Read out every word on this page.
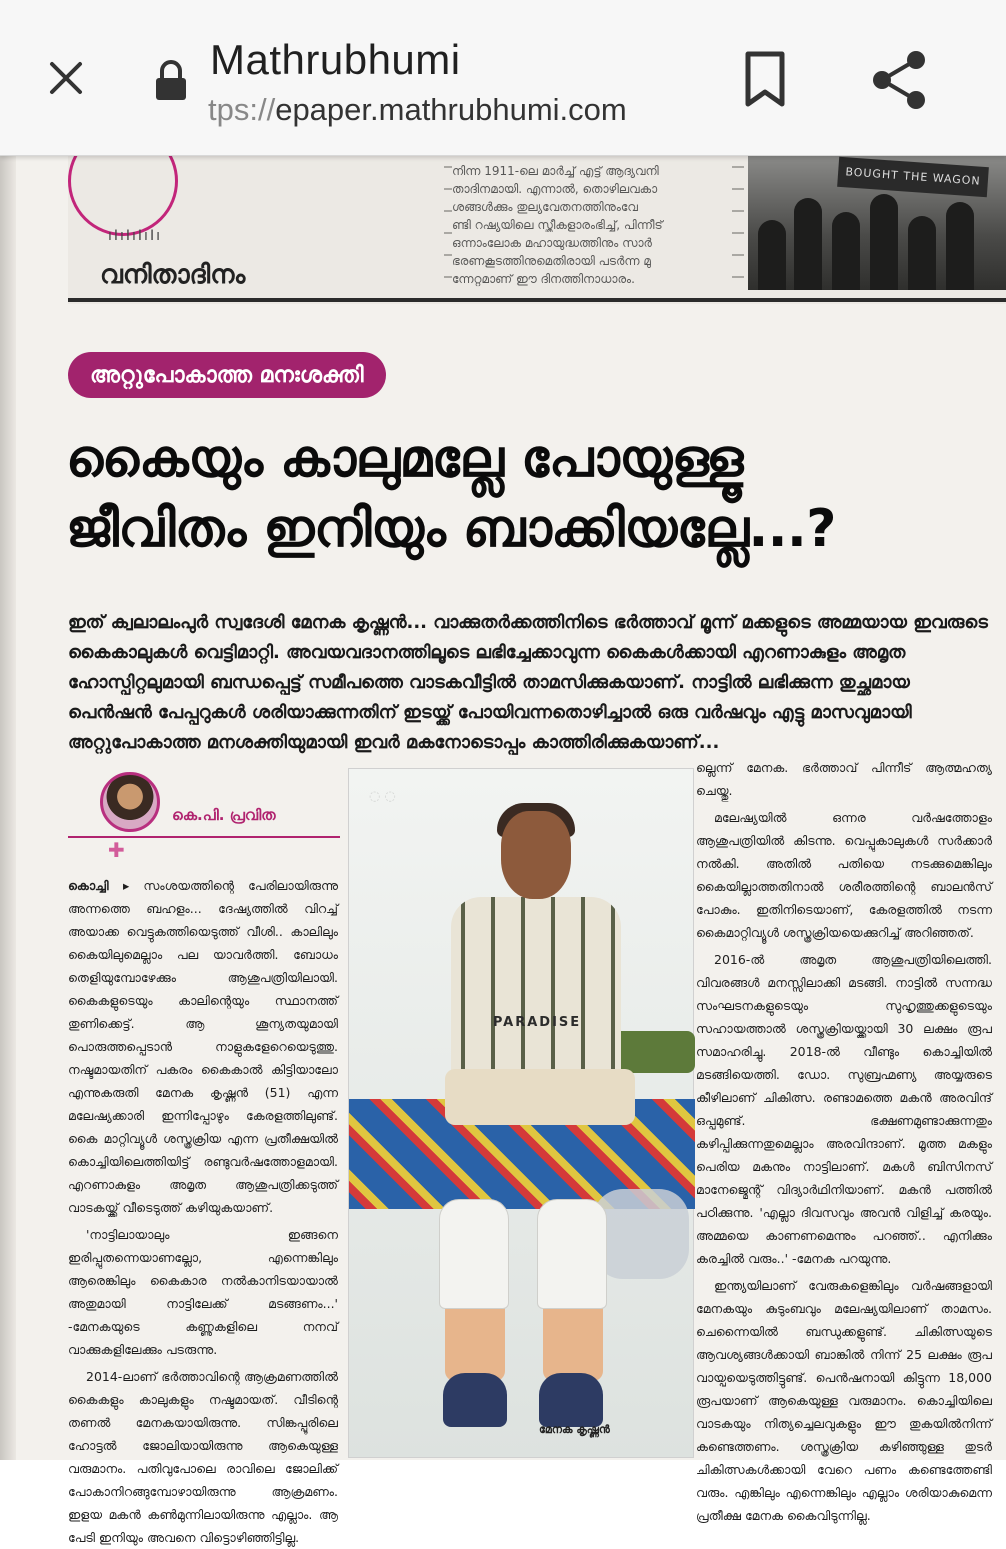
Mathrubhumi
tps://epaper.mathrubhumi.com
ıIıIıIıIı
വനിതാദിനം
നിന്ന 1911-ലെ മാർച്ച് എട്ട് ആദ്യവനി
താദിനമായി. എന്നാൽ, തൊഴിലവകാ
ശങ്ങൾക്കും തുല്യവേതനത്തിനുംവേ
ണ്ടി റഷ്യയിലെ സ്ത്രീകളാരംഭിച്ച്, പിന്നീട്
ഒന്നാംലോക മഹായുദ്ധത്തിനും സാർ
ഭരണകൂടത്തിനുമെതിരായി പടർന്ന മു
ന്നേറ്റമാണ് ഈ ദിനത്തിനാധാരം.
BOUGHT THE WAGON
അറ്റുപോകാത്ത മനഃശക്തി
കൈയും കാലുമല്ലേ പോയുള്ളൂ
ജീവിതം ഇനിയും ബാക്കിയല്ലേ...?
ഇത് ക്വലാലംപുർ സ്വദേശി മേനക കൃഷ്ണൻ... വാക്കുതർക്കത്തിനിടെ ഭർത്താവ് മൂന്ന് മക്കളുടെ അമ്മയായ ഇവരുടെ കൈകാലുകൾ വെട്ടിമാറ്റി. അവയവദാനത്തിലൂടെ ലഭിച്ചേക്കാവുന്ന കൈകൾക്കായി എറണാകുളം അമൃത ഹോസ്പിറ്റലുമായി ബന്ധപ്പെട്ട് സമീപത്തെ വാടകവീട്ടിൽ താമസിക്കുകയാണ്. നാട്ടിൽ ലഭിക്കുന്ന തുച്ഛമായ പെൻഷൻ പേപ്പറുകൾ ശരിയാക്കുന്നതിന് ഇടയ്ക്ക് പോയിവന്നതൊഴിച്ചാൽ ഒരു വർഷവും എട്ടു മാസവുമായി അറ്റുപോകാത്ത മനശക്തിയുമായി ഇവർ മകനോടൊപ്പം കാത്തിരിക്കുകയാണ്...
കെ.പി. പ്രവിത
✚

കൊച്ചി ▸ സംശയത്തിന്റെ പേരിലായിരുന്നു അന്നത്തെ ബഹളം... ദേഷ്യത്തിൽ വിറച്ച് അയാക്ക വെട്ടുകത്തിയെടുത്ത് വീശി.. കാലിലും കൈയിലുമെല്ലാം പല യാവർത്തി. ബോധം തെളിയുമ്പോഴേക്കും ആശുപത്രിയിലായി. കൈകളുടെയും കാലിന്റെയും സ്ഥാനത്ത് തുണിക്കെട്ട്. ആ ശൂന്യതയുമായി പൊരുത്തപ്പെടാൻ നാളുകളേറെയെടുത്തു. നഷ്ടമായതിന് പകരം കൈകാൽ കിട്ടിയാലോ എന്നുകരുതി മേനക കൃഷ്ണൻ (51) എന്ന മലേഷ്യക്കാരി ഇന്നിപ്പോഴും കേരളത്തിലുണ്ട്. കൈ മാറ്റിവ്യൂൾ ശസ്ത്രക്രിയ എന്ന പ്രതീക്ഷയിൽ കൊച്ചിയിലെത്തിയിട്ട് രണ്ടുവർഷത്തോളമായി. എറണാകുളം അമൃത ആശുപത്രിക്കടുത്ത് വാടകയ്ക്ക് വീടെടുത്ത് കഴിയുകയാണ്.

'നാട്ടിലായാലും ഇങ്ങനെ ഇരിപ്പുതന്നെയാണല്ലോ, എന്നെങ്കിലും ആരെങ്കിലും കൈകാര നൽകാനിടയായാൽ അതുമായി നാട്ടിലേക്ക് മടങ്ങണം...' -മേനകയുടെ കണ്ണുകളിലെ നനവ് വാക്കുകളിലേക്കും പടരുന്നു.

2014-ലാണ് ഭർത്താവിന്റെ ആക്രമണത്തിൽ കൈകളും കാലുകളും നഷ്ടമായത്. വീടിന്റെ തണൽ മേനകയായിരുന്നു. സിങ്കപ്പൂരിലെ ഹോട്ടൽ ജോലിയായിരുന്നു ആകെയുള്ള വരുമാനം. പതിവുപോലെ രാവിലെ ജോലിക്ക് പോകാനിറങ്ങുമ്പോഴായിരുന്നു ആക്രമണം. ഇളയ മകൻ കൺമുന്നിലായിരുന്നു എല്ലാം. ആ പേടി ഇനിയും അവനെ വിട്ടൊഴിഞ്ഞിട്ടില്ല.

◌ ◌
PARADISE
മേനക കൃഷ്ണൻ

ല്ലെന്ന് മേനക. ഭർത്താവ് പിന്നീട് ആത്മഹത്യ ചെയ്തു.

മലേഷ്യയിൽ ഒന്നര വർഷത്തോളം ആശുപത്രിയിൽ കിടന്നു. വെപ്പുകാലുകൾ സർക്കാർ നൽകി. അതിൽ പതിയെ നടക്കുമെങ്കിലും കൈയില്ലാത്തതിനാൽ ശരീരത്തിന്റെ ബാലൻസ് പോകും. ഇതിനിടെയാണ്, കേരളത്തിൽ നടന്ന കൈമാറ്റിവ്യൂൾ ശസ്ത്രക്രിയയെക്കുറിച്ച് അറിഞ്ഞത്.

2016-ൽ അമൃത ആശുപത്രിയിലെത്തി. വിവരങ്ങൾ മനസ്സിലാക്കി മടങ്ങി. നാട്ടിൽ സന്നദ്ധ സംഘടനകളുടെയും സുഹൃത്തുക്കളുടെയും സഹായത്താൽ ശസ്ത്രക്രിയയ്ക്കായി 30 ലക്ഷം രൂപ സമാഹരിച്ചു. 2018-ൽ വീണ്ടും കൊച്ചിയിൽ മടങ്ങിയെത്തി. ഡോ. സുബ്രഹ്മണ്യ അയ്യരുടെ കീഴിലാണ് ചികിത്സ. രണ്ടാമത്തെ മകൻ അരവിന്ദ് ഒപ്പമുണ്ട്. ഭക്ഷണമുണ്ടാക്കുന്നതും കഴിപ്പിക്കുന്നതുമെല്ലാം അരവിന്ദാണ്. മൂത്ത മകളും പെരിയ മകനും നാട്ടിലാണ്. മകൾ ബിസിനസ് മാനേജ്മെന്റ് വിദ്യാർഥിനിയാണ്. മകൻ പത്തിൽ പഠിക്കുന്നു. 'എല്ലാ ദിവസവും അവൻ വിളിച്ച് കരയും. അമ്മയെ കാണണമെന്നും പറഞ്ഞ്.. എനിക്കും കരച്ചിൽ വരും..' -മേനക പറയുന്നു.

ഇന്ത്യയിലാണ് വേരുകളെങ്കിലും വർഷങ്ങളായി മേനകയും കുടുംബവും മലേഷ്യയിലാണ് താമസം. ചെന്നൈയിൽ ബന്ധുക്കളുണ്ട്. ചികിത്സയുടെ ആവശ്യങ്ങൾക്കായി ബാങ്കിൽ നിന്ന് 25 ലക്ഷം രൂപ വായ്പയെടുത്തിട്ടുണ്ട്. പെൻഷനായി കിട്ടുന്ന 18,000 രൂപയാണ് ആകെയുള്ള വരുമാനം. കൊച്ചിയിലെ വാടകയും നിത്യച്ചെലവുകളും ഈ തുകയിൽനിന്ന് കണ്ടെത്തണം. ശസ്ത്രക്രിയ കഴിഞ്ഞുള്ള തുടർ ചികിത്സകൾക്കായി വേറെ പണം കണ്ടെത്തേണ്ടി വരും. എങ്കിലും എന്നെങ്കിലും എല്ലാം ശരിയാകുമെന്ന പ്രതീക്ഷ മേനക കൈവിടുന്നില്ല.
